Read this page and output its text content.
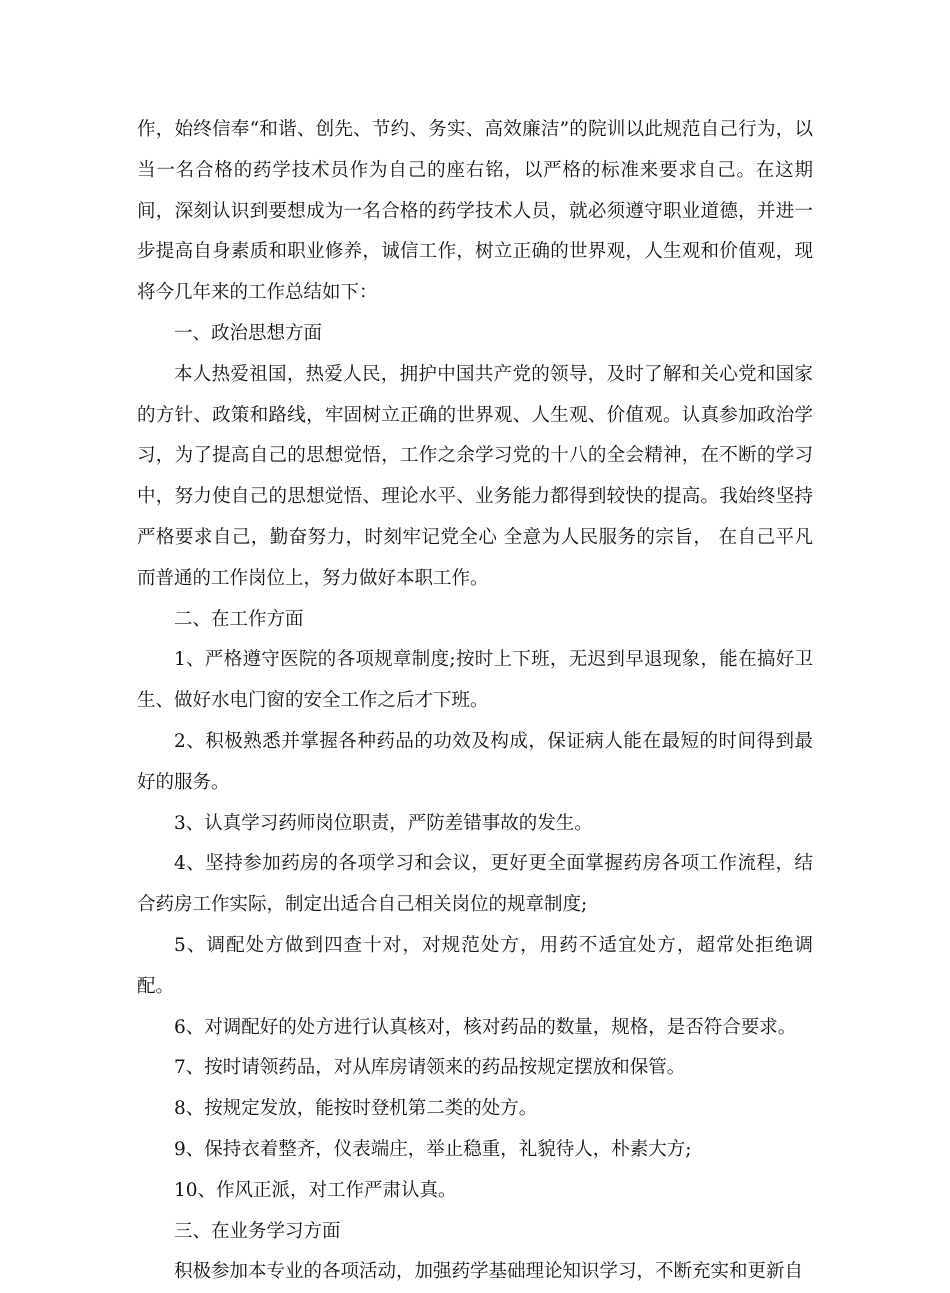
作，始终信奉“和谐、创先、节约、务实、高效廉洁”的院训以此规范自己行为，以当一名合格的药学技术员作为自己的座右铭，以严格的标准来要求自己。在这期间，深刻认识到要想成为一名合格的药学技术人员，就必须遵守职业道德，并进一步提高自身素质和职业修养，诚信工作，树立正确的世界观，人生观和价值观，现将今几年来的工作总结如下：

一、政治思想方面

本人热爱祖国，热爱人民，拥护中国共产党的领导，及时了解和关心党和国家的方针、政策和路线，牢固树立正确的世界观、人生观、价值观。认真参加政治学习，为了提高自己的思想觉悟，工作之余学习党的十八的全会精神，在不断的学习中，努力使自己的思想觉悟、理论水平、业务能力都得到较快的提高。我始终坚持严格要求自己，勤奋努力，时刻牢记党全心 全意为人民服务的宗旨， 在自己平凡而普通的工作岗位上，努力做好本职工作。

二、在工作方面

1、严格遵守医院的各项规章制度;按时上下班，无迟到早退现象，能在搞好卫生、做好水电门窗的安全工作之后才下班。

2、积极熟悉并掌握各种药品的功效及构成，保证病人能在最短的时间得到最好的服务。

3、认真学习药师岗位职责，严防差错事故的发生。

4、坚持参加药房的各项学习和会议，更好更全面掌握药房各项工作流程，结合药房工作实际，制定出适合自己相关岗位的规章制度;

5、调配处方做到四查十对，对规范处方，用药不适宜处方，超常处拒绝调配。

6、对调配好的处方进行认真核对，核对药品的数量，规格，是否符合要求。

7、按时请领药品，对从库房请领来的药品按规定摆放和保管。

8、按规定发放，能按时登机第二类的处方。

9、保持衣着整齐，仪表端庄，举止稳重，礼貌待人，朴素大方;

10、作风正派，对工作严肃认真。

三、在业务学习方面

积极参加本专业的各项活动，加强药学基础理论知识学习，不断充实和更新自
